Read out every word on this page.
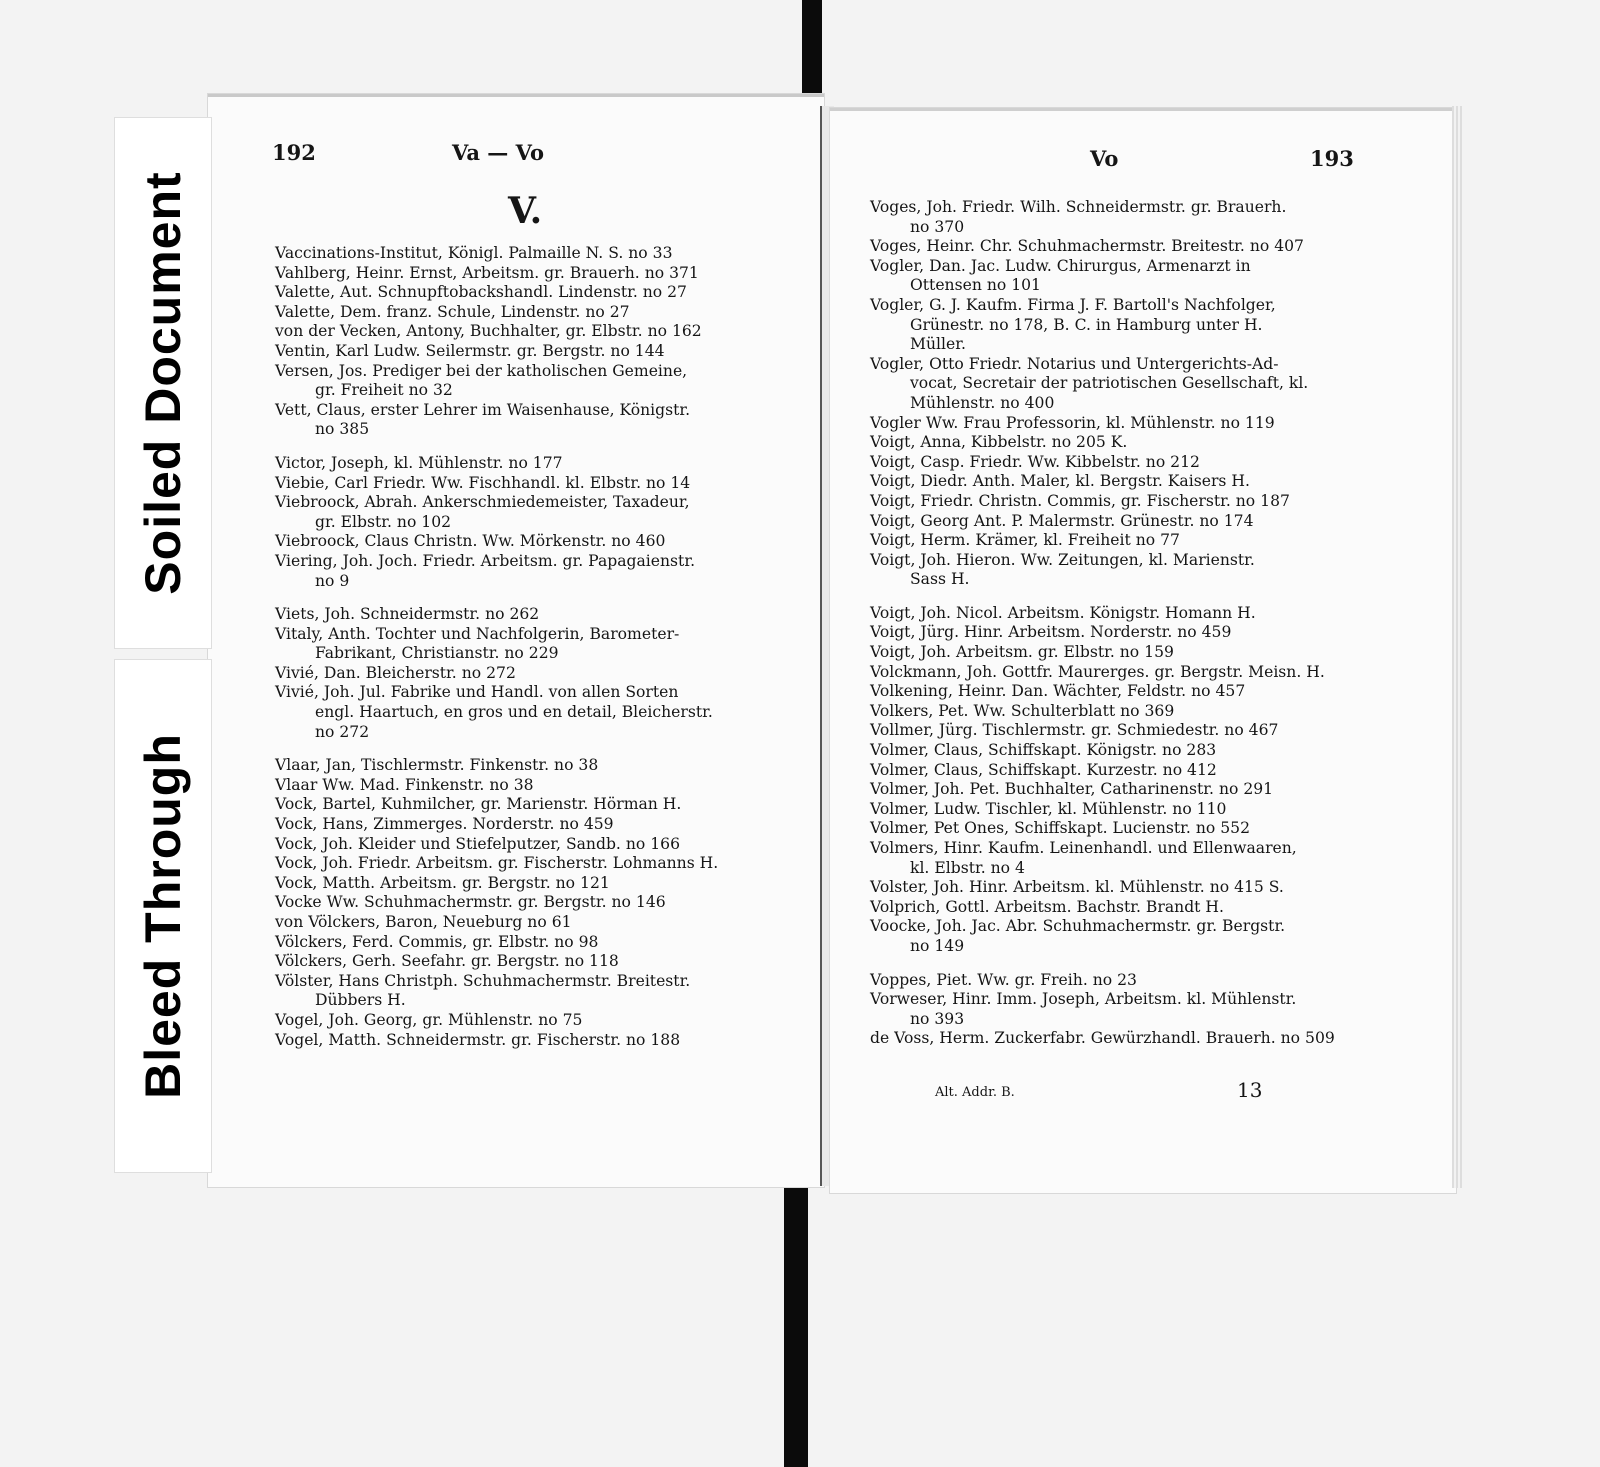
Soiled Document
Bleed Through
192	Va — Vo
V.
Vo	193
Vaccinations-Institut, Königl. Palmaille N. S. no 33
Vahlberg, Heinr. Ernst, Arbeitsm. gr. Brauerh. no 371
Valette, Aut. Schnupftobackshandl. Lindenstr. no 27
Valette, Dem. franz. Schule, Lindenstr. no 27
von der Vecken, Antony, Buchhalter, gr. Elbstr. no 162
Ventin, Karl Ludw. Seilermstr. gr. Bergstr. no 144
Versen, Jos. Prediger bei der katholischen Gemeine,
gr. Freiheit no 32
Vett, Claus, erster Lehrer im Waisenhause, Königstr.
no 385
Victor, Joseph, kl. Mühlenstr. no 177
Viebie, Carl Friedr. Ww. Fischhandl. kl. Elbstr. no 14
Viebroock, Abrah. Ankerschmiedemeister, Taxadeur,
gr. Elbstr. no 102
Viebroock, Claus Christn. Ww. Mörkenstr. no 460
Viering, Joh. Joch. Friedr. Arbeitsm. gr. Papagaienstr.
no 9
Viets, Joh. Schneidermstr. no 262
Vitaly, Anth. Tochter und Nachfolgerin, Barometer-
Fabrikant, Christianstr. no 229
Vivié, Dan. Bleicherstr. no 272
Vivié, Joh. Jul. Fabrike und Handl. von allen Sorten
engl. Haartuch, en gros und en detail, Bleicherstr.
no 272
Vlaar, Jan, Tischlermstr. Finkenstr. no 38
Vlaar Ww. Mad. Finkenstr. no 38
Vock, Bartel, Kuhmilcher, gr. Marienstr. Hörman H.
Vock, Hans, Zimmerges. Norderstr. no 459
Vock, Joh. Kleider und Stiefelputzer, Sandb. no 166
Vock, Joh. Friedr. Arbeitsm. gr. Fischerstr. Lohmanns H.
Vock, Matth. Arbeitsm. gr. Bergstr. no 121
Vocke Ww. Schuhmachermstr. gr. Bergstr. no 146
von Völckers, Baron, Neueburg no 61
Völckers, Ferd. Commis, gr. Elbstr. no 98
Völckers, Gerh. Seefahr. gr. Bergstr. no 118
Völster, Hans Christph. Schuhmachermstr. Breitestr.
Dübbers H.
Vogel, Joh. Georg, gr. Mühlenstr. no 75
Vogel, Matth. Schneidermstr. gr. Fischerstr. no 188
Voges, Joh. Friedr. Wilh. Schneidermstr. gr. Brauerh.
no 370
Voges, Heinr. Chr. Schuhmachermstr. Breitestr. no 407
Vogler, Dan. Jac. Ludw. Chirurgus, Armenarzt in
Ottensen no 101
Vogler, G. J. Kaufm. Firma J. F. Bartoll's Nachfolger,
Grünestr. no 178, B. C. in Hamburg unter H.
Müller.
Vogler, Otto Friedr. Notarius und Untergerichts-Ad-
vocat, Secretair der patriotischen Gesellschaft, kl.
Mühlenstr. no 400
Vogler Ww. Frau Professorin, kl. Mühlenstr. no 119
Voigt, Anna, Kibbelstr. no 205 K.
Voigt, Casp. Friedr. Ww. Kibbelstr. no 212
Voigt, Diedr. Anth. Maler, kl. Bergstr. Kaisers H.
Voigt, Friedr. Christn. Commis, gr. Fischerstr. no 187
Voigt, Georg Ant. P. Malermstr. Grünestr. no 174
Voigt, Herm. Krämer, kl. Freiheit no 77
Voigt, Joh. Hieron. Ww. Zeitungen, kl. Marienstr.
Sass H.
Voigt, Joh. Nicol. Arbeitsm. Königstr. Homann H.
Voigt, Jürg. Hinr. Arbeitsm. Norderstr. no 459
Voigt, Joh. Arbeitsm. gr. Elbstr. no 159
Volckmann, Joh. Gottfr. Maurerges. gr. Bergstr. Meisn. H.
Volkening, Heinr. Dan. Wächter, Feldstr. no 457
Volkers, Pet. Ww. Schulterblatt no 369
Vollmer, Jürg. Tischlermstr. gr. Schmiedestr. no 467
Volmer, Claus, Schiffskapt. Königstr. no 283
Volmer, Claus, Schiffskapt. Kurzestr. no 412
Volmer, Joh. Pet. Buchhalter, Catharinenstr. no 291
Volmer, Ludw. Tischler, kl. Mühlenstr. no 110
Volmer, Pet Ones, Schiffskapt. Lucienstr. no 552
Volmers, Hinr. Kaufm. Leinenhandl. und Ellenwaaren,
kl. Elbstr. no 4
Volster, Joh. Hinr. Arbeitsm. kl. Mühlenstr. no 415 S.
Volprich, Gottl. Arbeitsm. Bachstr. Brandt H.
Voocke, Joh. Jac. Abr. Schuhmachermstr. gr. Bergstr.
no 149
Voppes, Piet. Ww. gr. Freih. no 23
Vorweser, Hinr. Imm. Joseph, Arbeitsm. kl. Mühlenstr.
no 393
de Voss, Herm. Zuckerfabr. Gewürzhandl. Brauerh. no 509
Alt. Addr. B.	13
